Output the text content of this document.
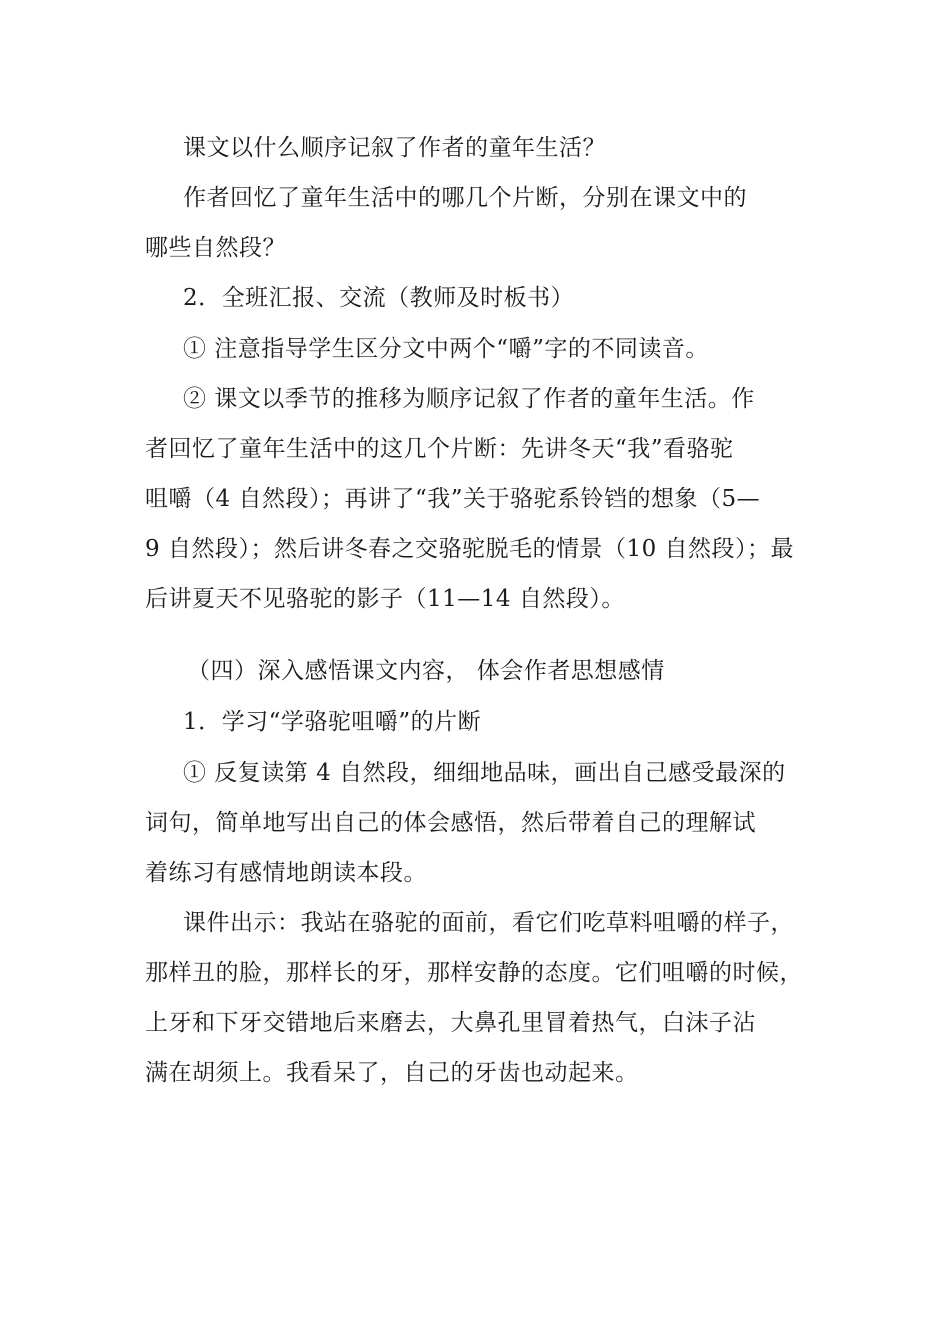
课文以什么顺序记叙了作者的童年生活？
作者回忆了童年生活中的哪几个片断，分别在课文中的
哪些自然段？
2．全班汇报、交流（教师及时板书）
① 注意指导学生区分文中两个“嚼”字的不同读音。
② 课文以季节的推移为顺序记叙了作者的童年生活。作
者回忆了童年生活中的这几个片断：先讲冬天“我”看骆驼
咀嚼（4 自然段）；再讲了“我”关于骆驼系铃铛的想象（5—
9 自然段）；然后讲冬春之交骆驼脱毛的情景（10 自然段）；最
后讲夏天不见骆驼的影子（11—14 自然段）。
（四）深入感悟课文内容， 体会作者思想感情
1．学习“学骆驼咀嚼”的片断
① 反复读第 4 自然段，细细地品味，画出自己感受最深的
词句，简单地写出自己的体会感悟，然后带着自己的理解试
着练习有感情地朗读本段。
课件出示：我站在骆驼的面前，看它们吃草料咀嚼的样子，
那样丑的脸，那样长的牙，那样安静的态度。它们咀嚼的时候，
上牙和下牙交错地后来磨去，大鼻孔里冒着热气，白沫子沾
满在胡须上。我看呆了，自己的牙齿也动起来。
